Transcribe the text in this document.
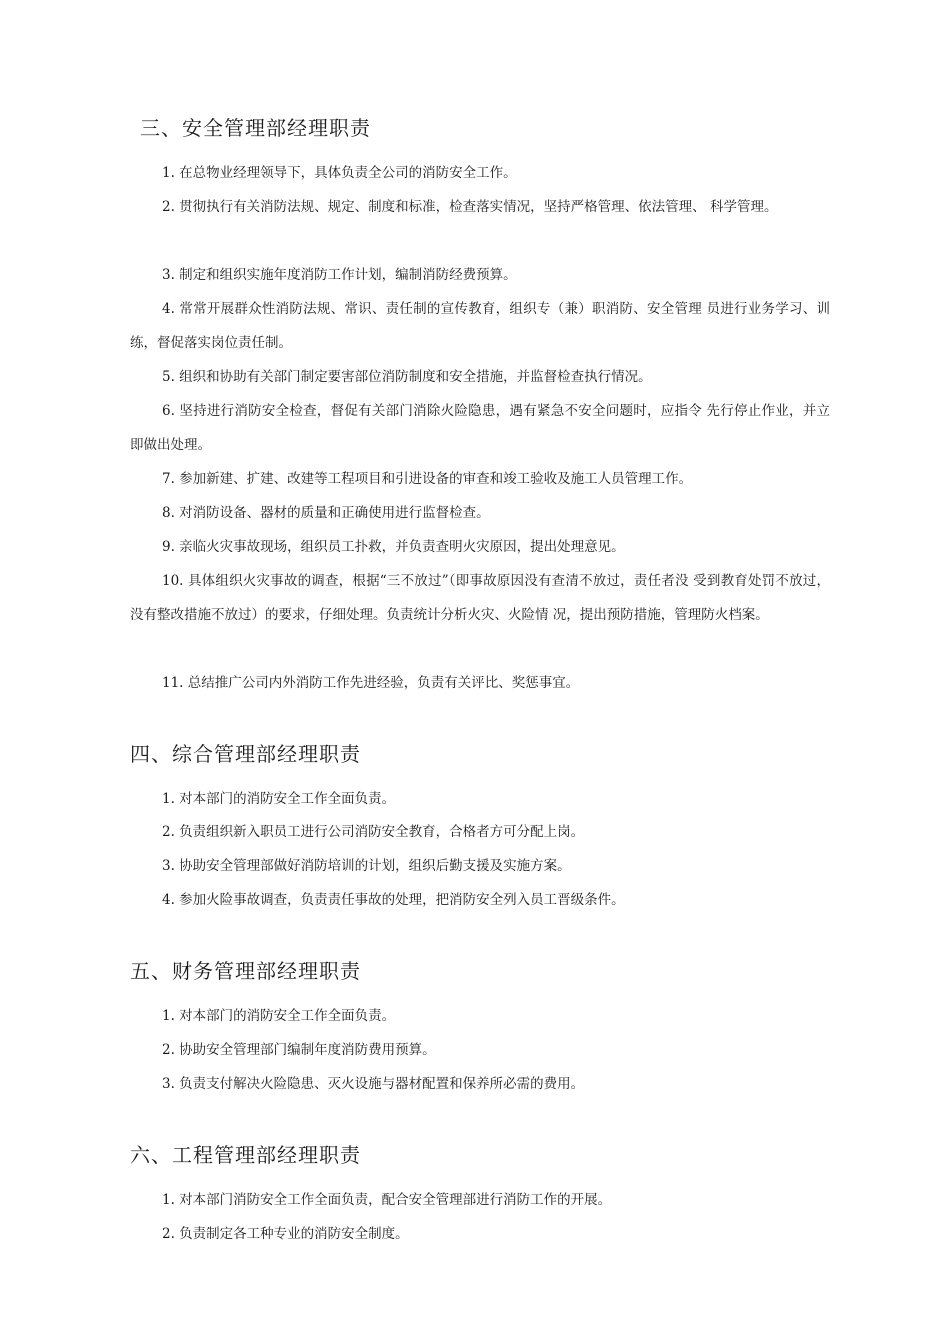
三、安全管理部经理职责

1. 在总物业经理领导下，具体负责全公司的消防安全工作。

2. 贯彻执行有关消防法规、规定、制度和标准，检查落实情况，坚持严格管理、依法管理、 科学管理。

3. 制定和组织实施年度消防工作计划，编制消防经费预算。

4. 常常开展群众性消防法规、常识、责任制的宣传教育，组织专（兼）职消防、安全管理 员进行业务学习、训练，督促落实岗位责任制。

5. 组织和协助有关部门制定要害部位消防制度和安全措施，并监督检查执行情况。

6. 坚持进行消防安全检查，督促有关部门消除火险隐患，遇有紧急不安全问题时，应指令 先行停止作业，并立即做出处理。

7. 参加新建、扩建、改建等工程项目和引进设备的审查和竣工验收及施工人员管理工作。

8. 对消防设备、器材的质量和正确使用进行监督检查。

9. 亲临火灾事故现场，组织员工扑救，并负责查明火灾原因，提出处理意见。

10. 具体组织火灾事故的调查，根据“三不放过”（即事故原因没有查清不放过，责任者没 受到教育处罚不放过，没有整改措施不放过）的要求，仔细处理。负责统计分析火灾、火险情 况，提出预防措施，管理防火档案。

11. 总结推广公司内外消防工作先进经验，负责有关评比、奖惩事宜。

四、综合管理部经理职责

1. 对本部门的消防安全工作全面负责。

2. 负责组织新入职员工进行公司消防安全教育，合格者方可分配上岗。

3. 协助安全管理部做好消防培训的计划，组织后勤支援及实施方案。

4. 参加火险事故调查，负责责任事故的处理，把消防安全列入员工晋级条件。

五、财务管理部经理职责

1. 对本部门的消防安全工作全面负责。

2. 协助安全管理部门编制年度消防费用预算。

3. 负责支付解决火险隐患、灭火设施与器材配置和保养所必需的费用。

六、工程管理部经理职责

1. 对本部门消防安全工作全面负责，配合安全管理部进行消防工作的开展。

2. 负责制定各工种专业的消防安全制度。
